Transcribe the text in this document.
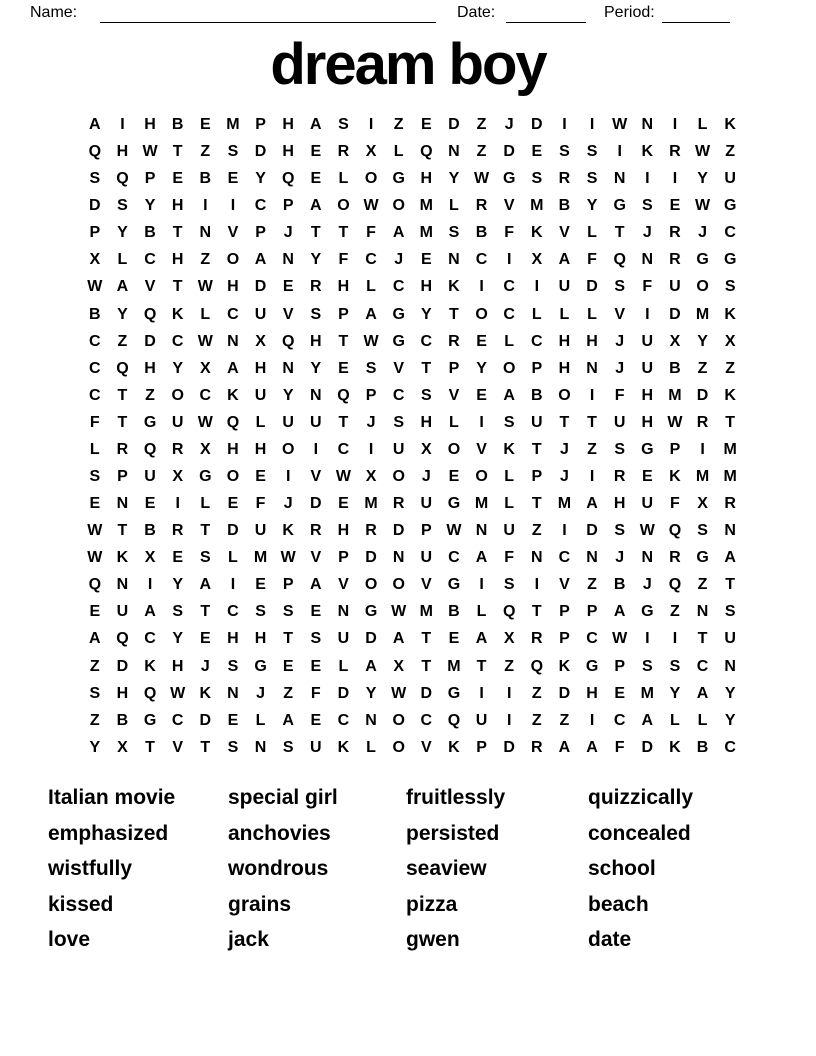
Name:	Date:	Period:
dream boy
A	I	H	B	E M P	H	A	S	I	Z	E	D	Z	J	D	I	I	W N	I	L	K
Q H W T	Z	S	D	H	E	R	X	L	Q N	Z	D	E	S	S	I	K	R W Z
S	Q	P	E	B	E	Y	Q	E	L	O G H	Y W G	S	R	S	N	I	I	Y	U
D	S	Y	H	I	I	C	P	A O W O M	L	R	V M B	Y	G	S	E W G
P	Y	B	T	N	V	P	J	T	T	F	A M S	B	F	K	V	L	T	J	R	J	C
X	L	C	H	Z	O A	N	Y	F	C	J	E	N	C	I	X	A	F	Q N	R G G
W A	V	T W H	D	E	R	H	L	C	H	K	I	C	I	U	D	S	F	U O	S
B	Y	Q K	L	C	U	V	S	P	A G	Y	T	O C	L	L	L	V	I	D M K
C	Z	D	C W N	X	Q H	T W G C	R	E	L	C	H	H	J	U	X	Y	X
C Q H	Y	X	A	H	N	Y	E	S	V	T	P	Y	O	P	H	N	J	U	B	Z	Z
C	T	Z	O C	K	U	Y	N Q	P	C	S	V	E	A	B O	I	F	H M D	K
F	T	G U W Q	L	U	U	T	J	S	H	L	I	S	U	T	T	U	H W R	T
L	R Q R	X	H	H O	I	C	I	U	X	O	V	K	T	J	Z	S	G	P	I	M
S	P	U	X	G O	E	I	V W X	O	J	E	O	L	P	J	I	R	E	K M M
E	N	E	I	L	E	F	J	D	E M R	U G M	L	T	M A	H	U	F	X	R
W T	B	R	T	D	U	K	R	H	R	D	P W N	U	Z	I	D	S W Q	S	N
W K	X	E	S	L	M W V	P	D	N	U	C	A	F	N	C	N	J	N	R G A
Q N	I	Y	A	I	E	P	A	V	O O	V	G	I	S	I	V	Z	B	J	Q	Z	T
E	U	A	S	T	C	S	S	E	N G W M B	L	Q	T	P	P	A G	Z	N	S
A Q C	Y	E	H	H	T	S	U	D	A	T	E	A	X	R	P	C W	I	I	T	U
Z	D	K	H	J	S	G	E	E	L	A	X	T	M	T	Z	Q K G	P	S	S	C	N
S	H Q W K	N	J	Z	F	D	Y W D G	I	I	Z	D	H	E M Y	A	Y
Z	B G C	D	E	L	A	E	C	N O C Q U	I	Z	Z	I	C	A	L	L	Y
Y	X	T	V	T	S	N	S	U	K	L	O	V	K	P	D	R	A	A	F	D	K	B	C
Italian movie
emphasized
wistfully
kissed
love
special girl
anchovies
wondrous
grains
jack
fruitlessly
persisted
seaview
pizza
gwen
quizzically
concealed
school
beach
date
